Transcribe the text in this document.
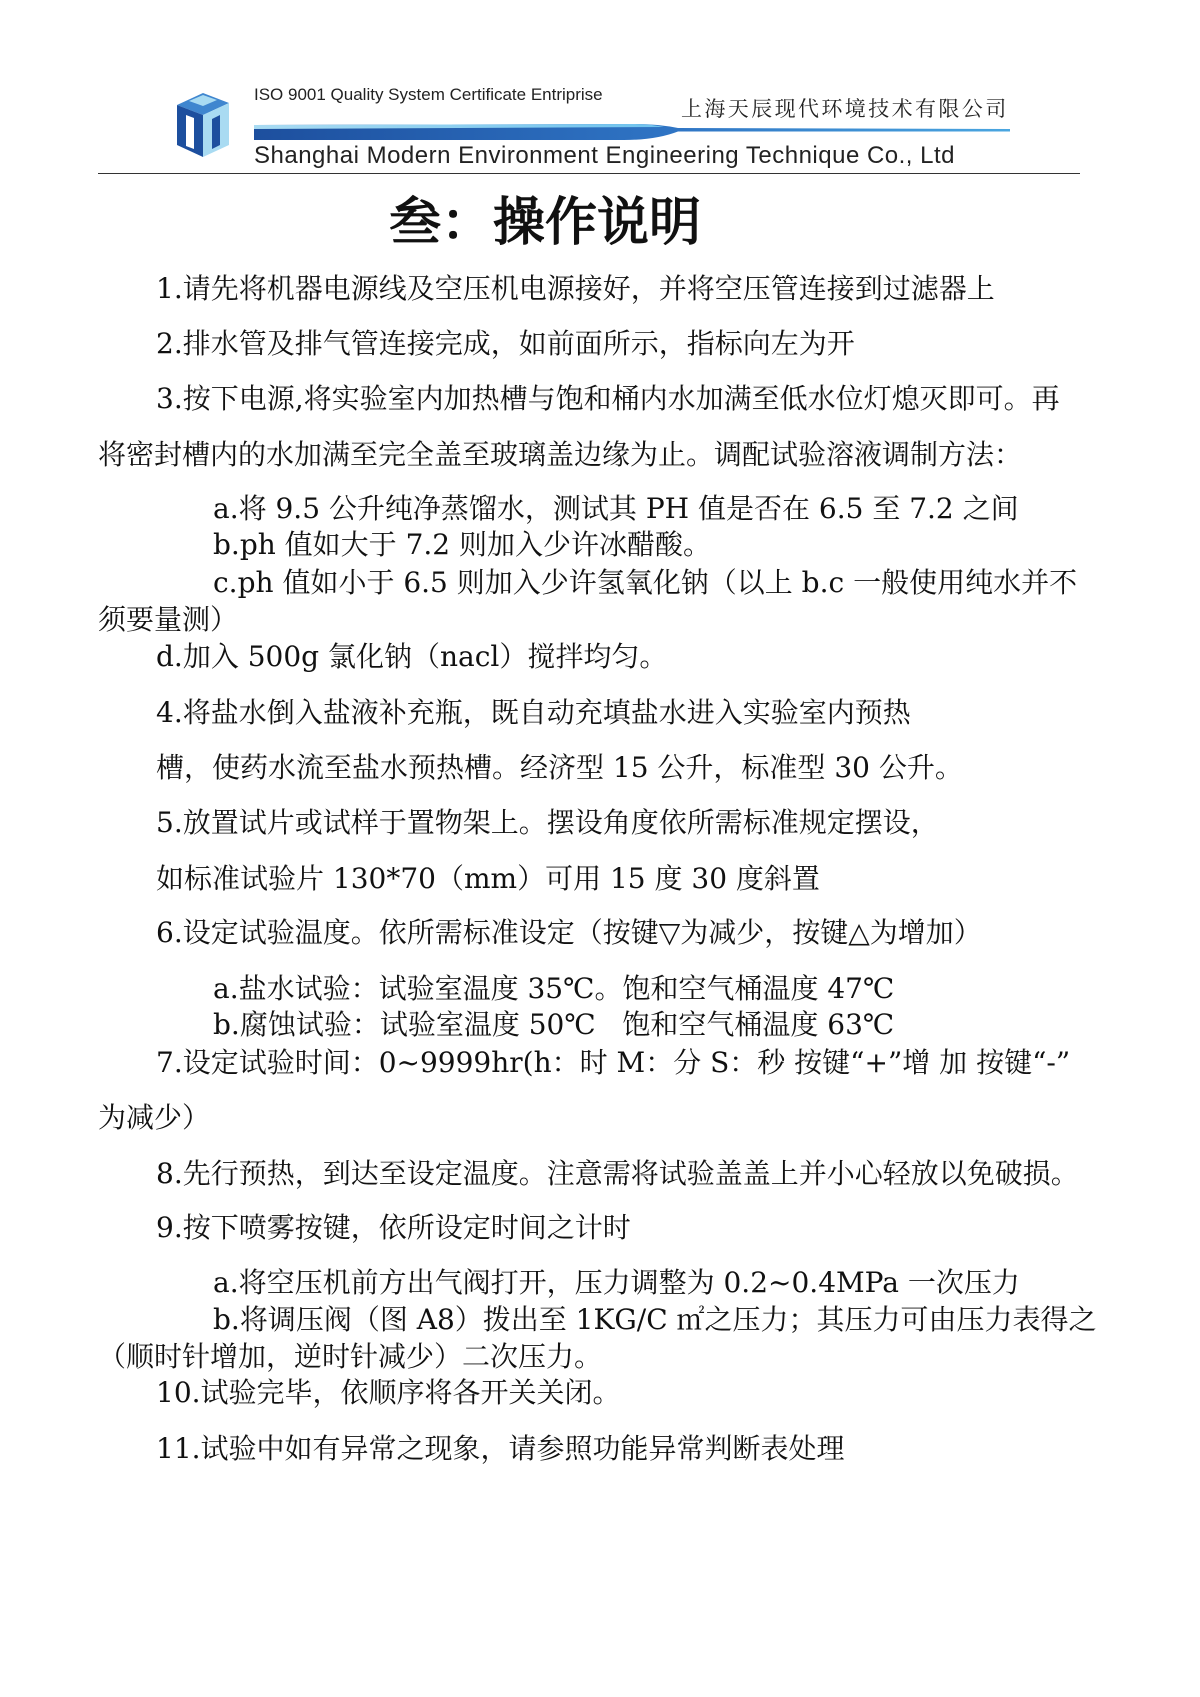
ISO 9001 Quality System Certificate Entriprise
上海天辰现代环境技术有限公司
Shanghai Modern Environment Engineering Technique Co., Ltd
叁：操作说明
1.请先将机器电源线及空压机电源接好，并将空压管连接到过滤器上
2.排水管及排气管连接完成，如前面所示，指标向左为开
3.按下电源,将实验室内加热槽与饱和桶内水加满至低水位灯熄灭即可。再
将密封槽内的水加满至完全盖至玻璃盖边缘为止。调配试验溶液调制方法：
a.将 9.5 公升纯净蒸馏水，测试其 PH 值是否在 6.5 至 7.2 之间
b.ph 值如大于 7.2 则加入少许冰醋酸。
c.ph 值如小于 6.5 则加入少许氢氧化钠（以上 b.c 一般使用纯水并不
须要量测）
d.加入 500g 氯化钠（nacl）搅拌均匀。
4.将盐水倒入盐液补充瓶，既自动充填盐水进入实验室内预热
槽，使药水流至盐水预热槽。经济型 15 公升，标准型 30 公升。
5.放置试片或试样于置物架上。摆设角度依所需标准规定摆设，
如标准试验片 130*70（mm）可用 15 度 30 度斜置
6.设定试验温度。依所需标准设定（按键▽为减少，按键△为增加）
a.盐水试验：试验室温度 35℃。饱和空气桶温度 47℃
b.腐蚀试验：试验室温度 50℃   饱和空气桶温度 63℃
7.设定试验时间：0~9999hr(h：时 M：分 S：秒 按键“+”增 加 按键“-”
为减少）
8.先行预热，到达至设定温度。注意需将试验盖盖上并小心轻放以免破损。
9.按下喷雾按键，依所设定时间之计时
a.将空压机前方出气阀打开，压力调整为 0.2~0.4MPa 一次压力
b.将调压阀（图 A8）拨出至 1KG/C ㎡之压力；其压力可由压力表得之
（顺时针增加，逆时针减少）二次压力。
10.试验完毕，依顺序将各开关关闭。
11.试验中如有异常之现象，请参照功能异常判断表处理
